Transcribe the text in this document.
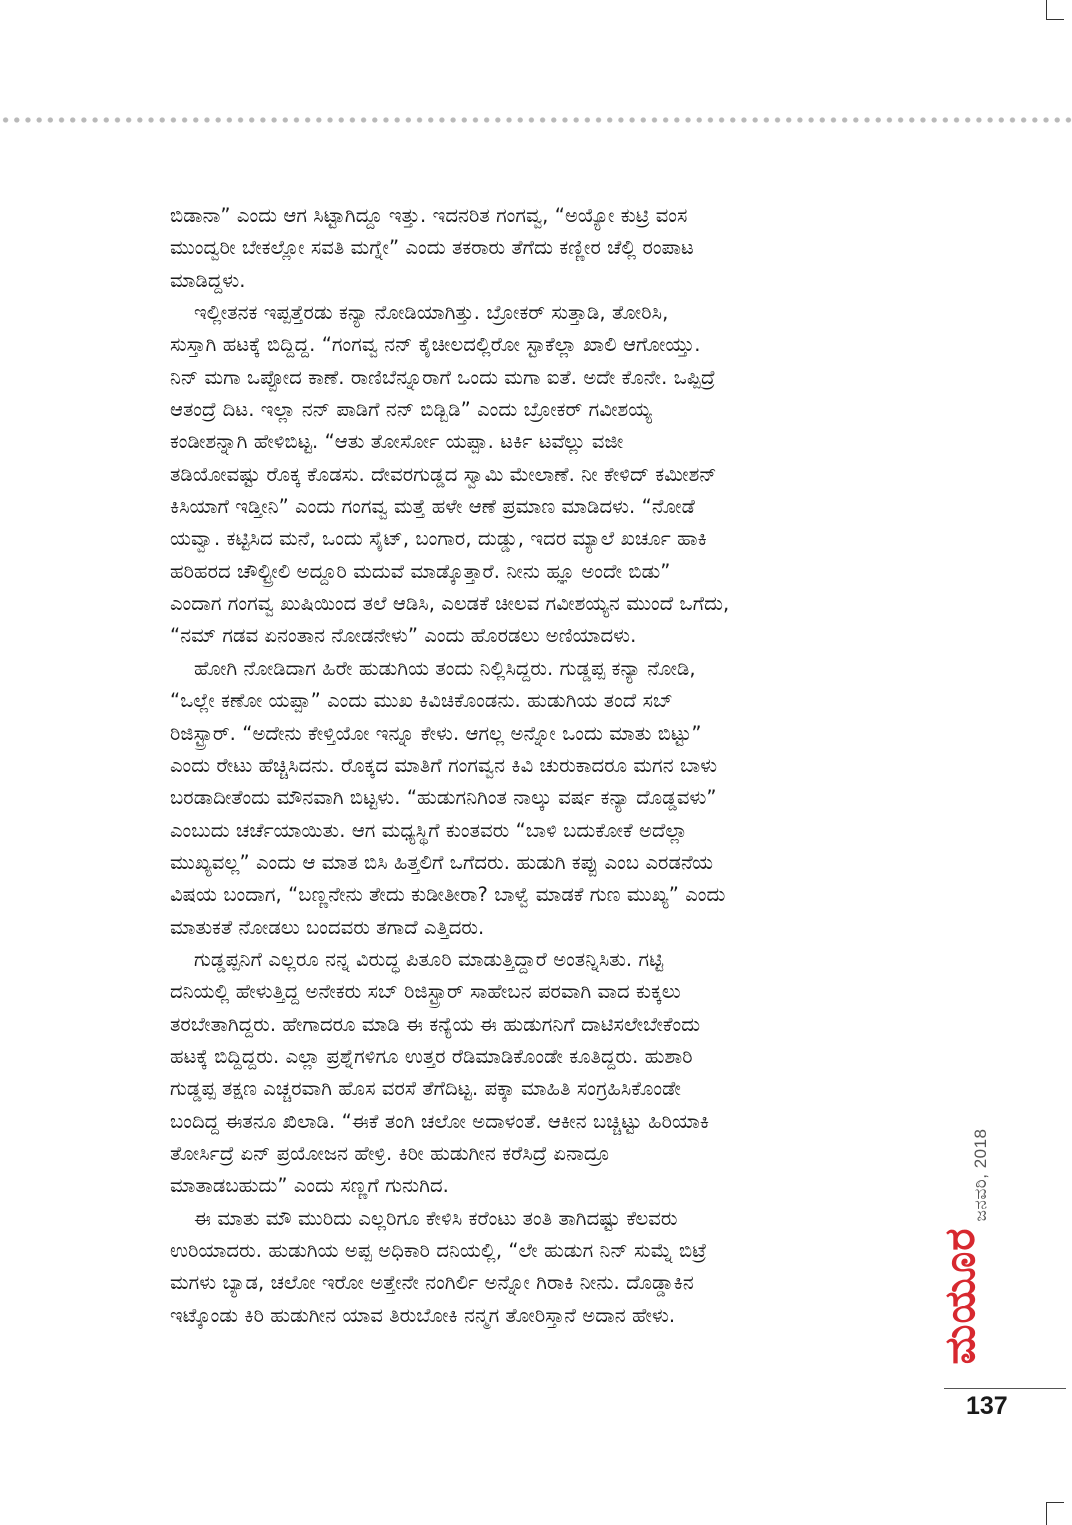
ಬಿಡಾನಾ” ಎಂದು ಆಗ ಸಿಟ್ಟಾಗಿದ್ದೂ ಇತ್ತು. ಇದನರಿತ ಗಂಗವ್ವ, “ಅಯ್ಯೋ ಕುಟ್ರಿ ವಂಸ
ಮುಂದ್ವರೀ ಬೇಕಲ್ಲೋ ಸವತಿ ಮಗ್ನೇ” ಎಂದು ತಕರಾರು ತೆಗೆದು ಕಣ್ಣೀರ ಚೆಲ್ಲಿ ರಂಪಾಟ
ಮಾಡಿದ್ದಳು.
ಇಲ್ಲೀತನಕ ಇಪ್ಪತ್ತೆರಡು ಕನ್ಯಾ ನೋಡಿಯಾಗಿತ್ತು. ಬ್ರೋಕರ್ ಸುತ್ತಾಡಿ, ತೋರಿಸಿ,
ಸುಸ್ತಾಗಿ ಹಟಕ್ಕೆ ಬಿದ್ದಿದ್ದ. “ಗಂಗವ್ವ ನನ್ ಕೈಚೀಲದಲ್ಲಿರೋ ಸ್ಟಾಕೆಲ್ಲಾ ಖಾಲಿ ಆಗೋಯ್ತು.
ನಿನ್ ಮಗಾ ಒಪ್ಪೋದ ಕಾಣೆ. ರಾಣಿಬೆನ್ನೂರಾಗೆ ಒಂದು ಮಗಾ ಐತೆ. ಅದೇ ಕೊನೇ. ಒಪ್ಪಿದ್ರೆ
ಆತಂದ್ರೆ ದಿಟ. ಇಲ್ಲಾ ನನ್ ಪಾಡಿಗೆ ನನ್ ಬಿಡ್ಬಿಡಿ” ಎಂದು ಬ್ರೋಕರ್ ಗವೀಶಯ್ಯ
ಕಂಡೀಶನ್ನಾಗಿ ಹೇಳಿಬಿಟ್ಟ. “ಆತು ತೋರ್ಸೋ ಯಪ್ಪಾ. ಟರ್ಕಿ ಟವೆಲ್ಲು ವಜೀ
ತಡಿಯೋವಷ್ಟು ರೊಕ್ಕ ಕೊಡಸು. ದೇವರಗುಡ್ಡದ ಸ್ವಾಮಿ ಮೇಲಾಣೆ. ನೀ ಕೇಳಿದ್ ಕಮೀಶನ್
ಕಿಸಿಯಾಗೆ ಇಡ್ತೀನಿ” ಎಂದು ಗಂಗವ್ವ ಮತ್ತೆ ಹಳೇ ಆಣೆ ಪ್ರಮಾಣ ಮಾಡಿದಳು. “ನೋಡೆ
ಯವ್ವಾ. ಕಟ್ಟಿಸಿದ ಮನೆ, ಒಂದು ಸೈಟ್, ಬಂಗಾರ, ದುಡ್ಡು, ಇದರ ಮ್ಯಾಲೆ ಖರ್ಚೂ ಹಾಕಿ
ಹರಿಹರದ ಚೌಲ್ಟ್ರೀಲಿ ಅದ್ದೂರಿ ಮದುವೆ ಮಾಡ್ಕೊತ್ತಾರೆ. ನೀನು ಹ್ಞೂ ಅಂದೇ ಬಿಡು”
ಎಂದಾಗ ಗಂಗವ್ವ ಖುಷಿಯಿಂದ ತಲೆ ಆಡಿಸಿ, ಎಲಡಕೆ ಚೀಲವ ಗವೀಶಯ್ಯನ ಮುಂದೆ ಒಗೆದು,
“ನಮ್ ಗಡವ ಏನಂತಾನ ನೋಡನೇಳು” ಎಂದು ಹೊರಡಲು ಅಣಿಯಾದಳು.
ಹೋಗಿ ನೋಡಿದಾಗ ಹಿರೇ ಹುಡುಗಿಯ ತಂದು ನಿಲ್ಲಿಸಿದ್ದರು. ಗುಡ್ಡಪ್ಪ ಕನ್ಯಾ ನೋಡಿ,
“ಒಲ್ಲೇ ಕಣೋ ಯಪ್ಪಾ” ಎಂದು ಮುಖ ಕಿವಿಚಿಕೊಂಡನು. ಹುಡುಗಿಯ ತಂದೆ ಸಬ್
ರಿಜಿಸ್ಟ್ರಾರ್. “ಅದೇನು ಕೇಳ್ತಿಯೋ ಇನ್ನೂ ಕೇಳು. ಆಗಲ್ಲ ಅನ್ನೋ ಒಂದು ಮಾತು ಬಿಟ್ಟು”
ಎಂದು ರೇಟು ಹೆಚ್ಚಿಸಿದನು. ರೊಕ್ಕದ ಮಾತಿಗೆ ಗಂಗವ್ವನ ಕಿವಿ ಚುರುಕಾದರೂ ಮಗನ ಬಾಳು
ಬರಡಾದೀತೆಂದು ಮೌನವಾಗಿ ಬಿಟ್ಟಳು. “ಹುಡುಗನಿಗಿಂತ ನಾಲ್ಕು ವರ್ಷ ಕನ್ಯಾ ದೊಡ್ಡವಳು”
ಎಂಬುದು ಚರ್ಚೆಯಾಯಿತು. ಆಗ ಮಧ್ಯಸ್ಥಿಗೆ ಕುಂತವರು “ಬಾಳಿ ಬದುಕೋಕೆ ಅದೆಲ್ಲಾ
ಮುಖ್ಯವಲ್ಲ” ಎಂದು ಆ ಮಾತ ಬಿಸಿ ಹಿತ್ತಲಿಗೆ ಒಗೆದರು. ಹುಡುಗಿ ಕಪ್ಪು ಎಂಬ ಎರಡನೆಯ
ವಿಷಯ ಬಂದಾಗ, “ಬಣ್ಣನೇನು ತೇದು ಕುಡೀತೀರಾ? ಬಾಳ್ವೆ ಮಾಡಕೆ ಗುಣ ಮುಖ್ಯ” ಎಂದು
ಮಾತುಕತೆ ನೋಡಲು ಬಂದವರು ತಗಾದೆ ಎತ್ತಿದರು.
ಗುಡ್ಡಪ್ಪನಿಗೆ ಎಲ್ಲರೂ ನನ್ನ ವಿರುದ್ಧ ಪಿತೂರಿ ಮಾಡುತ್ತಿದ್ದಾರೆ ಅಂತನ್ನಿಸಿತು. ಗಟ್ಟಿ
ದನಿಯಲ್ಲಿ ಹೇಳುತ್ತಿದ್ದ ಅನೇಕರು ಸಬ್ ರಿಜಿಸ್ಟ್ರಾರ್ ಸಾಹೇಬನ ಪರವಾಗಿ ವಾದ ಕುಕ್ಕಲು
ತರಬೇತಾಗಿದ್ದರು. ಹೇಗಾದರೂ ಮಾಡಿ ಈ ಕನ್ಯೆಯ ಈ ಹುಡುಗನಿಗೆ ದಾಟಿಸಲೇಬೇಕೆಂದು
ಹಟಕ್ಕೆ ಬಿದ್ದಿದ್ದರು. ಎಲ್ಲಾ ಪ್ರಶ್ನೆಗಳಿಗೂ ಉತ್ತರ ರೆಡಿಮಾಡಿಕೊಂಡೇ ಕೂತಿದ್ದರು. ಹುಶಾರಿ
ಗುಡ್ಡಪ್ಪ ತಕ್ಷಣ ಎಚ್ಚರವಾಗಿ ಹೊಸ ವರಸೆ ತೆಗೆದಿಟ್ಟ. ಪಕ್ಕಾ ಮಾಹಿತಿ ಸಂಗ್ರಹಿಸಿಕೊಂಡೇ
ಬಂದಿದ್ದ ಈತನೂ ಖಿಲಾಡಿ. “ಈಕೆ ತಂಗಿ ಚಲೋ ಅದಾಳಂತೆ. ಆಕೀನ ಬಚ್ಚಿಟ್ಟು ಹಿರಿಯಾಕಿ
ತೋರ್ಸಿದ್ರೆ ಏನ್ ಪ್ರಯೋಜನ ಹೇಳ್ರಿ. ಕಿರೀ ಹುಡುಗೀನ ಕರೆಸಿದ್ರೆ ಏನಾದ್ರೂ
ಮಾತಾಡಬಹುದು” ಎಂದು ಸಣ್ಣಗೆ ಗುನುಗಿದ.
ಈ ಮಾತು ಮೌ ಮುರಿದು ಎಲ್ಲರಿಗೂ ಕೇಳಿಸಿ ಕರೆಂಟು ತಂತಿ ತಾಗಿದಷ್ಟು ಕೆಲವರು
ಉರಿಯಾದರು. ಹುಡುಗಿಯ ಅಪ್ಪ ಅಧಿಕಾರಿ ದನಿಯಲ್ಲಿ, “ಲೇ ಹುಡುಗ ನಿನ್ ಸುಮ್ನೆ ಬಿಟ್ರೆ
ಮಗಳು ಬ್ಯಾಡ, ಚಲೋ ಇರೋ ಅತ್ತೇನೇ ನಂಗಿರ್ಲಿ ಅನ್ನೋ ಗಿರಾಕಿ ನೀನು. ದೊಡ್ಡಾಕಿನ
ಇಟ್ಕೊಂಡು ಕಿರಿ ಹುಡುಗೀನ ಯಾವ ತಿರುಬೋಕಿ ನನ್ಮಗ ತೋರಿಸ್ತಾನೆ ಅದಾನ ಹೇಳು.	ಮಯೂರ
ಜನವರಿ, 2018
137
